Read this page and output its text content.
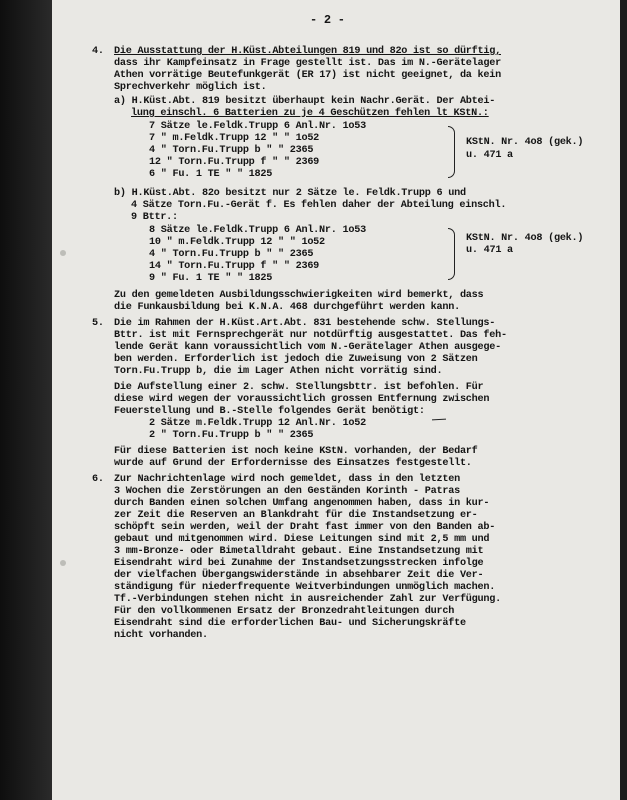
- 2 -
4. Die Ausstattung der H.Küst.Abteilungen 819 und 82o ist so dürftig,
dass ihr Kampfeinsatz in Frage gestellt ist. Das im N.-Gerätelager
Athen vorrätige Beutefunkgerät (ER 17) ist nicht geeignet, da kein
Sprechverkehr möglich ist.
a) H.Küst.Abt. 819 besitzt überhaupt kein Nachr.Gerät. Der Abtei-
lung einschl. 6 Batterien zu je 4 Geschützen fehlen lt KStN.:
7 Sätze le.Feldk.Trupp 6 Anl.Nr. 1o53
7 " m.Feldk.Trupp 12 " " 1o52
4 " Torn.Fu.Trupp b " " 2365
12 " Torn.Fu.Trupp f " " 2369
6 " Fu. 1 TE " " 1825
KStN. Nr. 4o8 (gek.)
u. 471 a
b) H.Küst.Abt. 82o besitzt nur 2 Sätze le. Feldk.Trupp 6 und
4 Sätze Torn.Fu.-Gerät f. Es fehlen daher der Abteilung einschl.
9 Bttr.:
8 Sätze le.Feldk.Trupp 6 Anl.Nr. 1o53
10 " m.Feldk.Trupp 12 " " 1o52
4 " Torn.Fu.Trupp b " " 2365
14 " Torn.Fu.Trupp f " " 2369
9 " Fu. 1 TE " " 1825
KStN. Nr. 4o8 (gek.)
u. 471 a
Zu den gemeldeten Ausbildungsschwierigkeiten wird bemerkt, dass
die Funkausbildung bei K.N.A. 468 durchgeführt werden kann.
5. Die im Rahmen der H.Küst.Art.Abt. 831 bestehende schw. Stellungs-
Bttr. ist mit Fernsprechgerät nur notdürftig ausgestattet. Das feh-
lende Gerät kann voraussichtlich vom N.-Gerätelager Athen ausgege-
ben werden. Erforderlich ist jedoch die Zuweisung von 2 Sätzen
Torn.Fu.Trupp b, die im Lager Athen nicht vorrätig sind.
Die Aufstellung einer 2. schw. Stellungsbttr. ist befohlen. Für
diese wird wegen der voraussichtlich grossen Entfernung zwischen
Feuerstellung und B.-Stelle folgendes Gerät benötigt:
2 Sätze m.Feldk.Trupp 12 Anl.Nr. 1o52
2 " Torn.Fu.Trupp b " " 2365
Für diese Batterien ist noch keine KStN. vorhanden, der Bedarf
wurde auf Grund der Erfordernisse des Einsatzes festgestellt.
6. Zur Nachrichtenlage wird noch gemeldet, dass in den letzten
3 Wochen die Zerstörungen an den Geständen Korinth - Patras
durch Banden einen solchen Umfang angenommen haben, dass in kur-
zer Zeit die Reserven an Blankdraht für die Instandsetzung er-
schöpft sein werden, weil der Draht fast immer von den Banden ab-
gebaut und mitgenommen wird. Diese Leitungen sind mit 2,5 mm und
3 mm-Bronze- oder Bimetalldraht gebaut. Eine Instandsetzung mit
Eisendraht wird bei Zunahme der Instandsetzungsstrecken infolge
der vielfachen Übergangswiderstände in absehbarer Zeit die Ver-
ständigung für niederfrequente Weitverbindungen unmöglich machen.
Tf.-Verbindungen stehen nicht in ausreichender Zahl zur Verfügung.
Für den vollkommenen Ersatz der Bronzedrahtleitungen durch
Eisendraht sind die erforderlichen Bau- und Sicherungskräfte
nicht vorhanden.
